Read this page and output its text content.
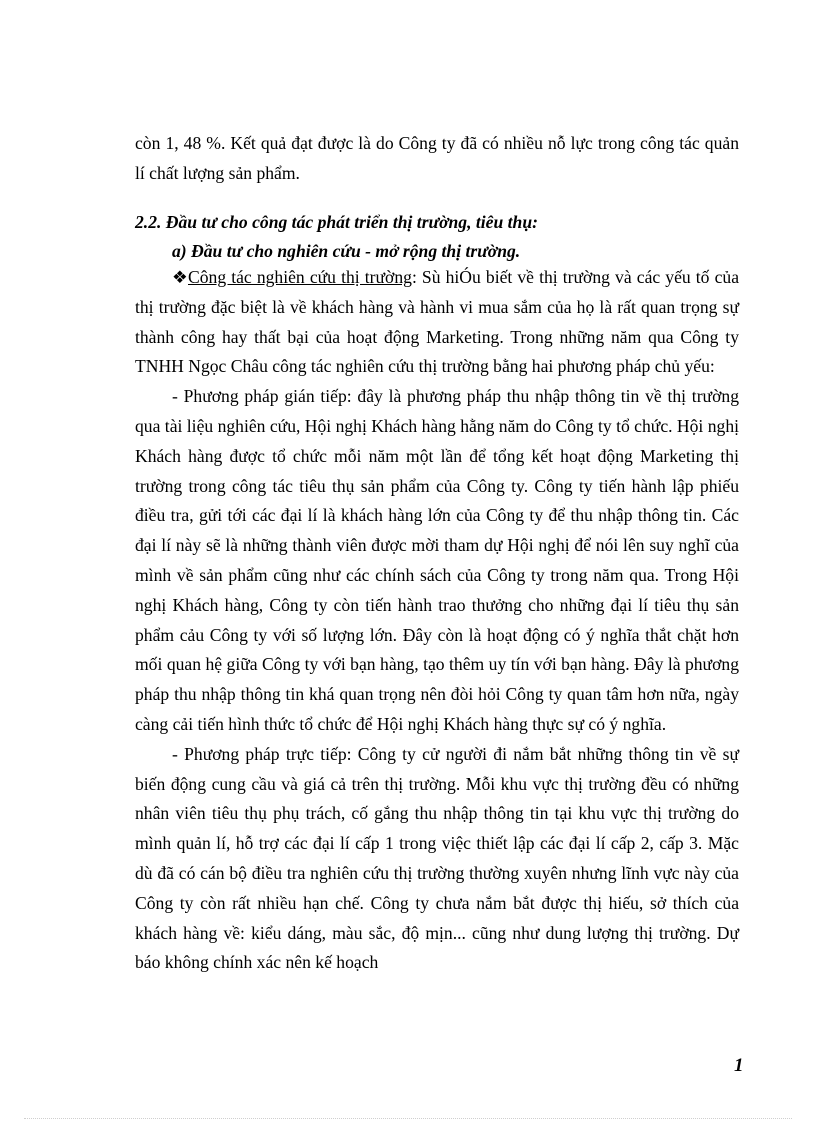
còn 1, 48 %. Kết quả đạt được là do Công ty đã có nhiều nỗ lực trong công tác quản lí chất lượng sản phẩm.

2.2. Đầu tư cho công tác phát triển thị trường, tiêu thụ:
a) Đầu tư cho nghiên cứu - mở rộng thị trường.

❖Công tác nghiên cứu thị trường: Sù hiÓu biết về thị trường và các yếu tố của thị trường đặc biệt là về khách hàng và hành vi mua sắm của họ là rất quan trọng sự thành công hay thất bại của hoạt động Marketing. Trong những năm qua Công ty TNHH Ngọc Châu công tác nghiên cứu thị trường bằng hai phương pháp chủ yếu:

- Phương pháp gián tiếp: đây là phương pháp thu nhập thông tin về thị trường qua tài liệu nghiên cứu, Hội nghị Khách hàng hằng năm do Công ty tổ chức. Hội nghị Khách hàng được tổ chức mỗi năm một lần để tổng kết hoạt động Marketing thị trường trong công tác tiêu thụ sản phẩm của Công ty. Công ty tiến hành lập phiếu điều tra, gửi tới các đại lí là khách hàng lớn của Công ty để thu nhập thông tin. Các đại lí này sẽ là những thành viên được mời tham dự Hội nghị để nói lên suy nghĩ của mình về sản phẩm cũng như các chính sách của Công ty trong năm qua. Trong Hội nghị Khách hàng, Công ty còn tiến hành trao thưởng cho những đại lí tiêu thụ sản phẩm cảu Công ty với số lượng lớn. Đây còn là hoạt động có ý nghĩa thắt chặt hơn mối quan hệ giữa Công ty với bạn hàng, tạo thêm uy tín với bạn hàng. Đây là phương pháp thu nhập thông tin khá quan trọng nên đòi hỏi Công ty quan tâm hơn nữa, ngày càng cải tiến hình thức tổ chức để Hội nghị Khách hàng thực sự có ý nghĩa.

- Phương pháp trực tiếp: Công ty cử người đi nắm bắt những thông tin về sự biến động cung cầu và giá cả trên thị trường. Mỗi khu vực thị trường đều có những nhân viên tiêu thụ phụ trách, cố gắng thu nhập thông tin tại khu vực thị trường do mình quản lí, hỗ trợ các đại lí cấp 1 trong việc thiết lập các đại lí cấp 2, cấp 3. Mặc dù đã có cán bộ điều tra nghiên cứu thị trường thường xuyên nhưng lĩnh vực này của Công ty còn rất nhiều hạn chế. Công ty chưa nắm bắt được thị hiếu, sở thích của khách hàng về: kiểu dáng, màu sắc, độ mịn... cũng như dung lượng thị trường. Dự báo không chính xác nên kế hoạch

1
